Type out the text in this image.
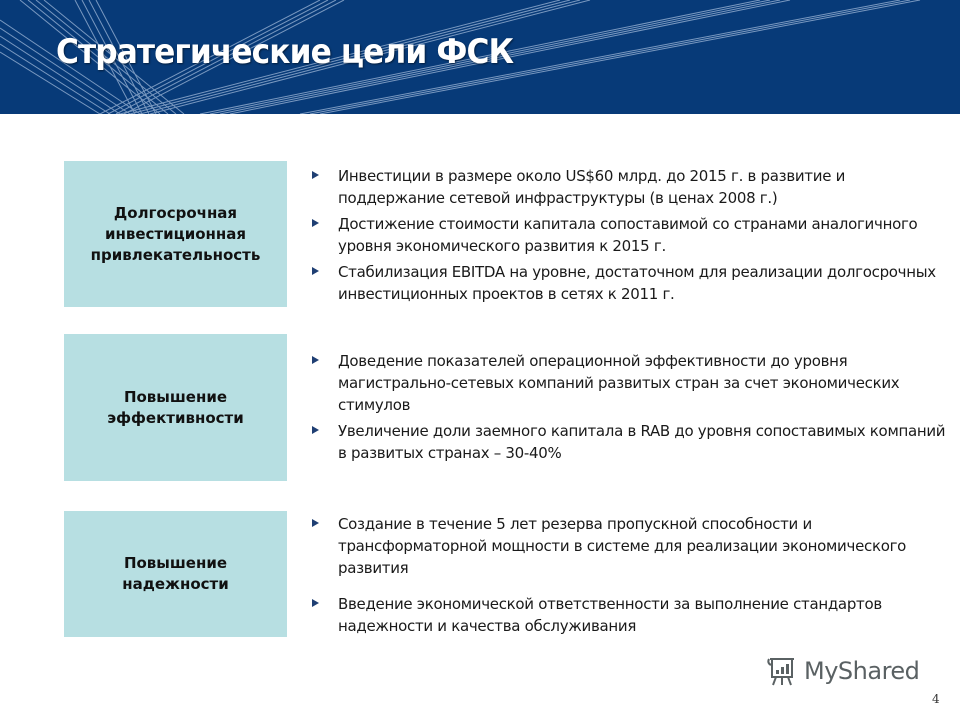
Стратегические цели ФСК
Долгосрочная
инвестиционная
привлекательность
Инвестиции в размере около US$60 млрд. до 2015 г. в развитие и поддержание сетевой инфраструктуры (в ценах 2008 г.)
Достижение стоимости капитала сопоставимой со странами аналогичного уровня экономического развития к 2015 г.
Стабилизация EBITDA на уровне, достаточном для реализации долгосрочных инвестиционных проектов в сетях к 2011 г.
Повышение
эффективности
Доведение показателей операционной эффективности до уровня магистрально-сетевых компаний развитых стран за счет экономических стимулов
Увеличение доли заемного капитала в RAB до уровня сопоставимых компаний в развитых странах – 30-40%
Повышение
надежности
Создание в течение 5 лет резерва пропускной способности и трансформаторной мощности в системе для реализации экономического развития
Введение экономической ответственности за выполнение стандартов надежности и качества обслуживания
MyShared
4
